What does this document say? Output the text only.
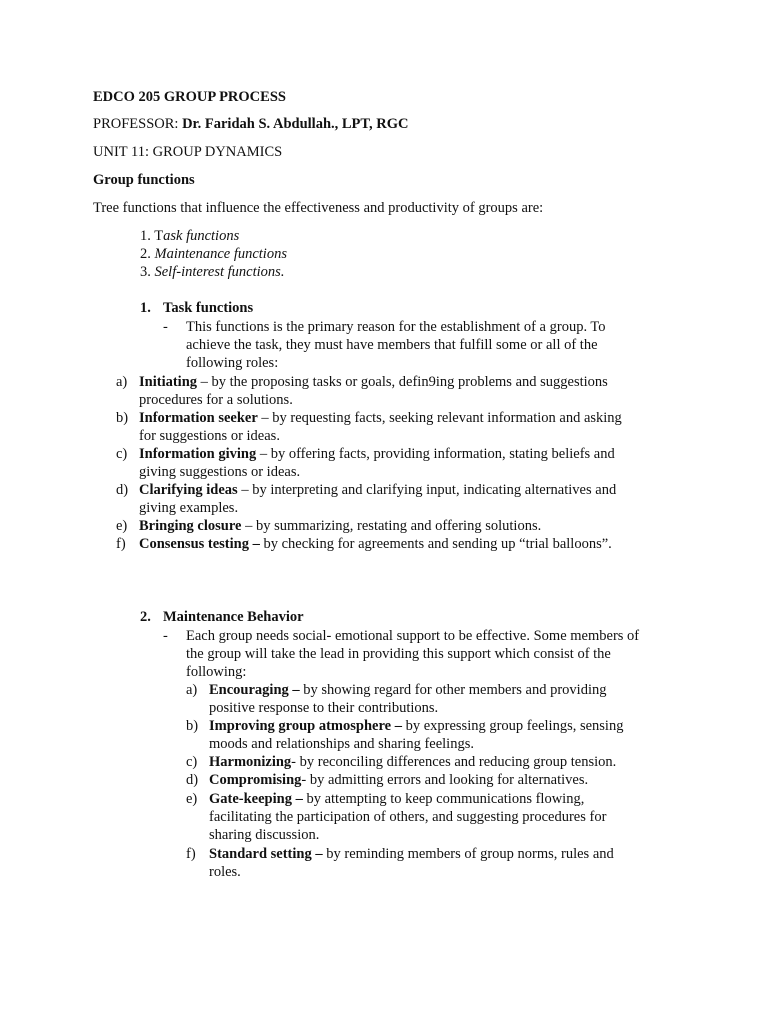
EDCO 205 GROUP PROCESS
PROFESSOR: Dr. Faridah S. Abdullah., LPT, RGC
UNIT 11: GROUP DYNAMICS
Group functions
Tree functions that influence the effectiveness and productivity of groups are:
1. Task functions
2. Maintenance functions
3. Self-interest functions.
1. Task functions
- This functions is the primary reason for the establishment of a group. To
achieve the task, they must have members that fulfill some or all of the
following roles:
a) Initiating – by the proposing tasks or goals, defin9ing problems and suggestions
procedures for a solutions.
b) Information seeker – by requesting facts, seeking relevant information and asking
for suggestions or ideas.
c) Information giving – by offering facts, providing information, stating beliefs and
giving suggestions or ideas.
d) Clarifying ideas – by interpreting and clarifying input, indicating alternatives and
giving examples.
e) Bringing closure – by summarizing, restating and offering solutions.
f) Consensus testing – by checking for agreements and sending up “trial balloons”.
2. Maintenance Behavior
- Each group needs social- emotional support to be effective. Some members of
the group will take the lead in providing this support which consist of the
following:
a) Encouraging – by showing regard for other members and providing
positive response to their contributions.
b) Improving group atmosphere – by expressing group feelings, sensing
moods and relationships and sharing feelings.
c) Harmonizing- by reconciling differences and reducing group tension.
d) Compromising- by admitting errors and looking for alternatives.
e) Gate-keeping – by attempting to keep communications flowing,
facilitating the participation of others, and suggesting procedures for
sharing discussion.
f) Standard setting – by reminding members of group norms, rules and
roles.
